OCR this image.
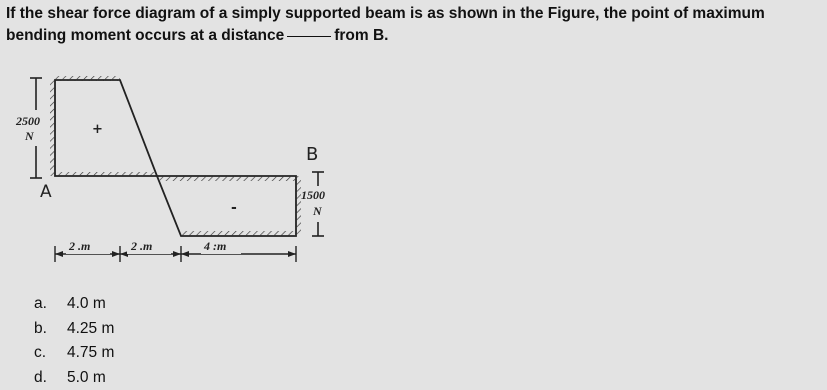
If the shear force diagram of a simply supported beam is as shown in the Figure, the point of maximum bending moment occurs at a distance	from B.
2500
N
1500
N
A
B
+
-
2 .m	2 .m	4 :m
a.	4.0 m
b.	4.25 m
c.	4.75 m
d.	5.0 m
